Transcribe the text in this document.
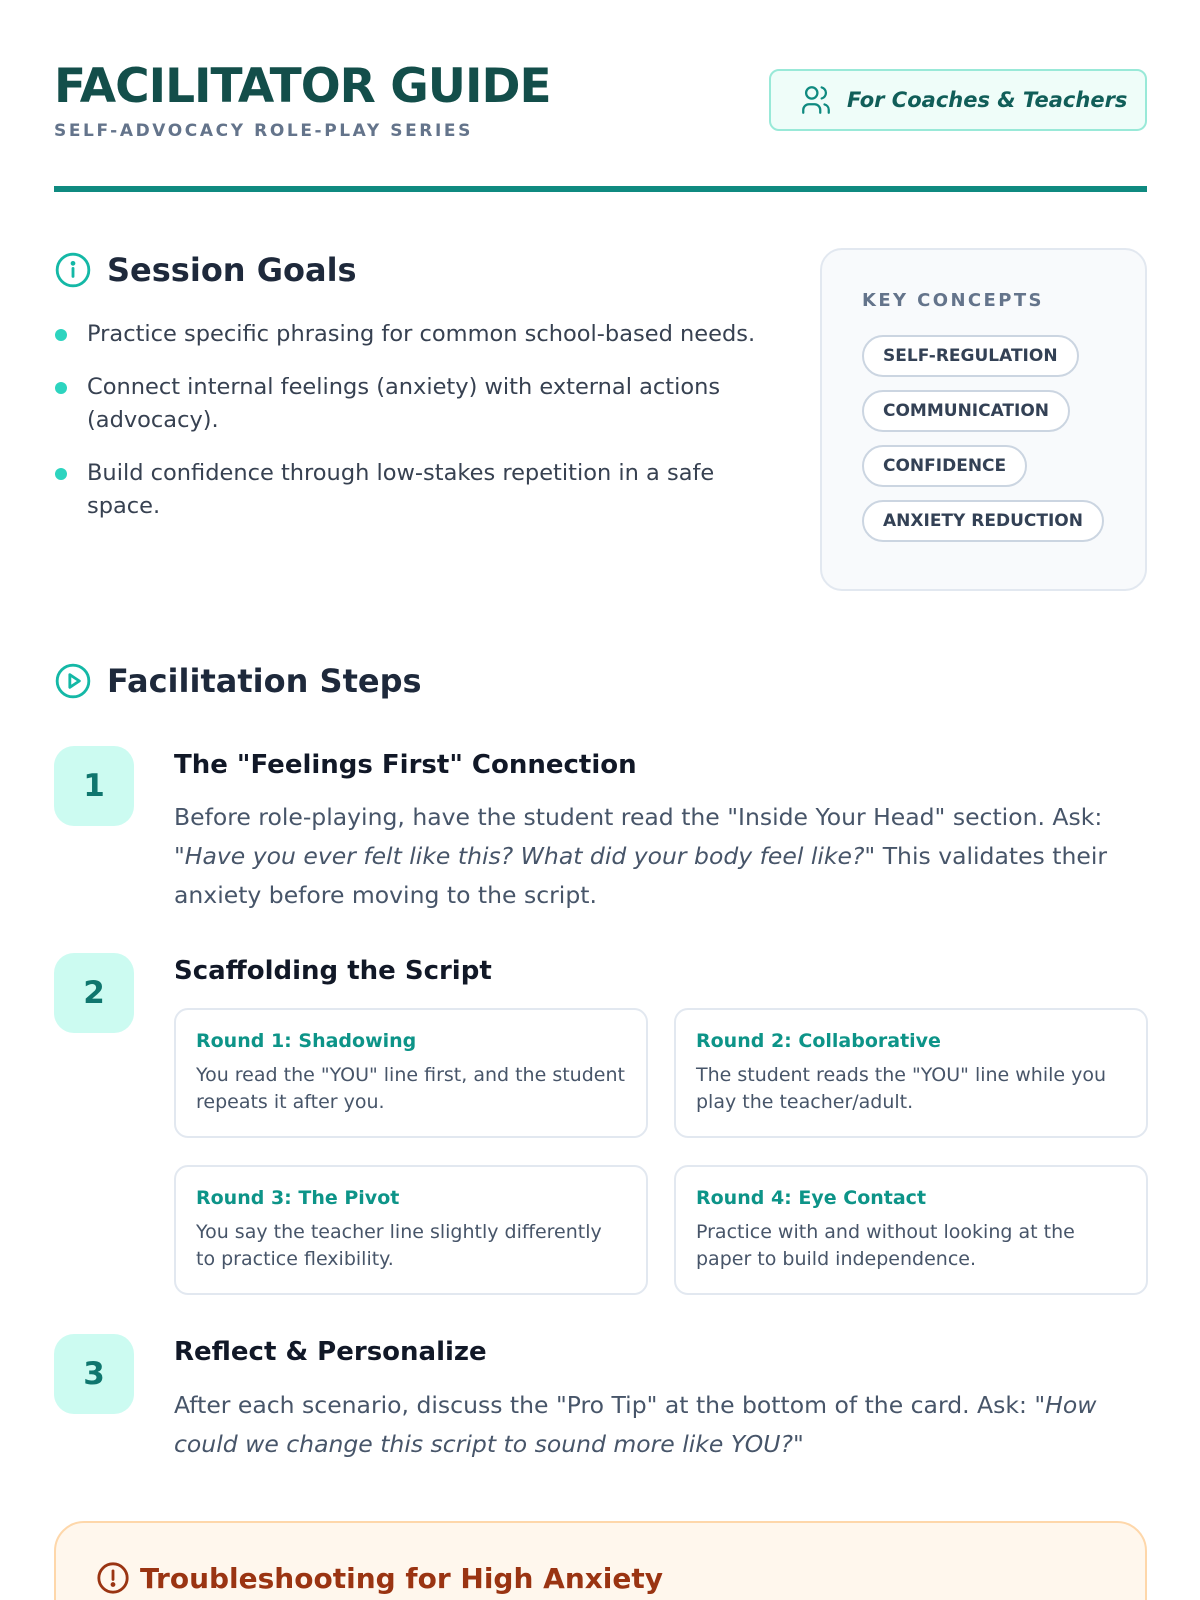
FACILITATOR GUIDE
SELF-ADVOCACY ROLE-PLAY SERIES
For Coaches & Teachers
Session Goals
Practice specific phrasing for common school-based needs.
Connect internal feelings (anxiety) with external actions (advocacy).
Build confidence through low-stakes repetition in a safe space.
KEY CONCEPTS
SELF-REGULATION
COMMUNICATION
CONFIDENCE
ANXIETY REDUCTION
Facilitation Steps
1
The "Feelings First" Connection
Before role-playing, have the student read the "Inside Your Head" section. Ask: "Have you ever felt like this? What did your body feel like?" This validates their anxiety before moving to the script.
2
Scaffolding the Script
Round 1: Shadowing
You read the "YOU" line first, and the student repeats it after you.
Round 2: Collaborative
The student reads the "YOU" line while you play the teacher/adult.
Round 3: The Pivot
You say the teacher line slightly differently to practice flexibility.
Round 4: Eye Contact
Practice with and without looking at the paper to build independence.
3
Reflect & Personalize
After each scenario, discuss the "Pro Tip" at the bottom of the card. Ask: "How could we change this script to sound more like YOU?"
Troubleshooting for High Anxiety
